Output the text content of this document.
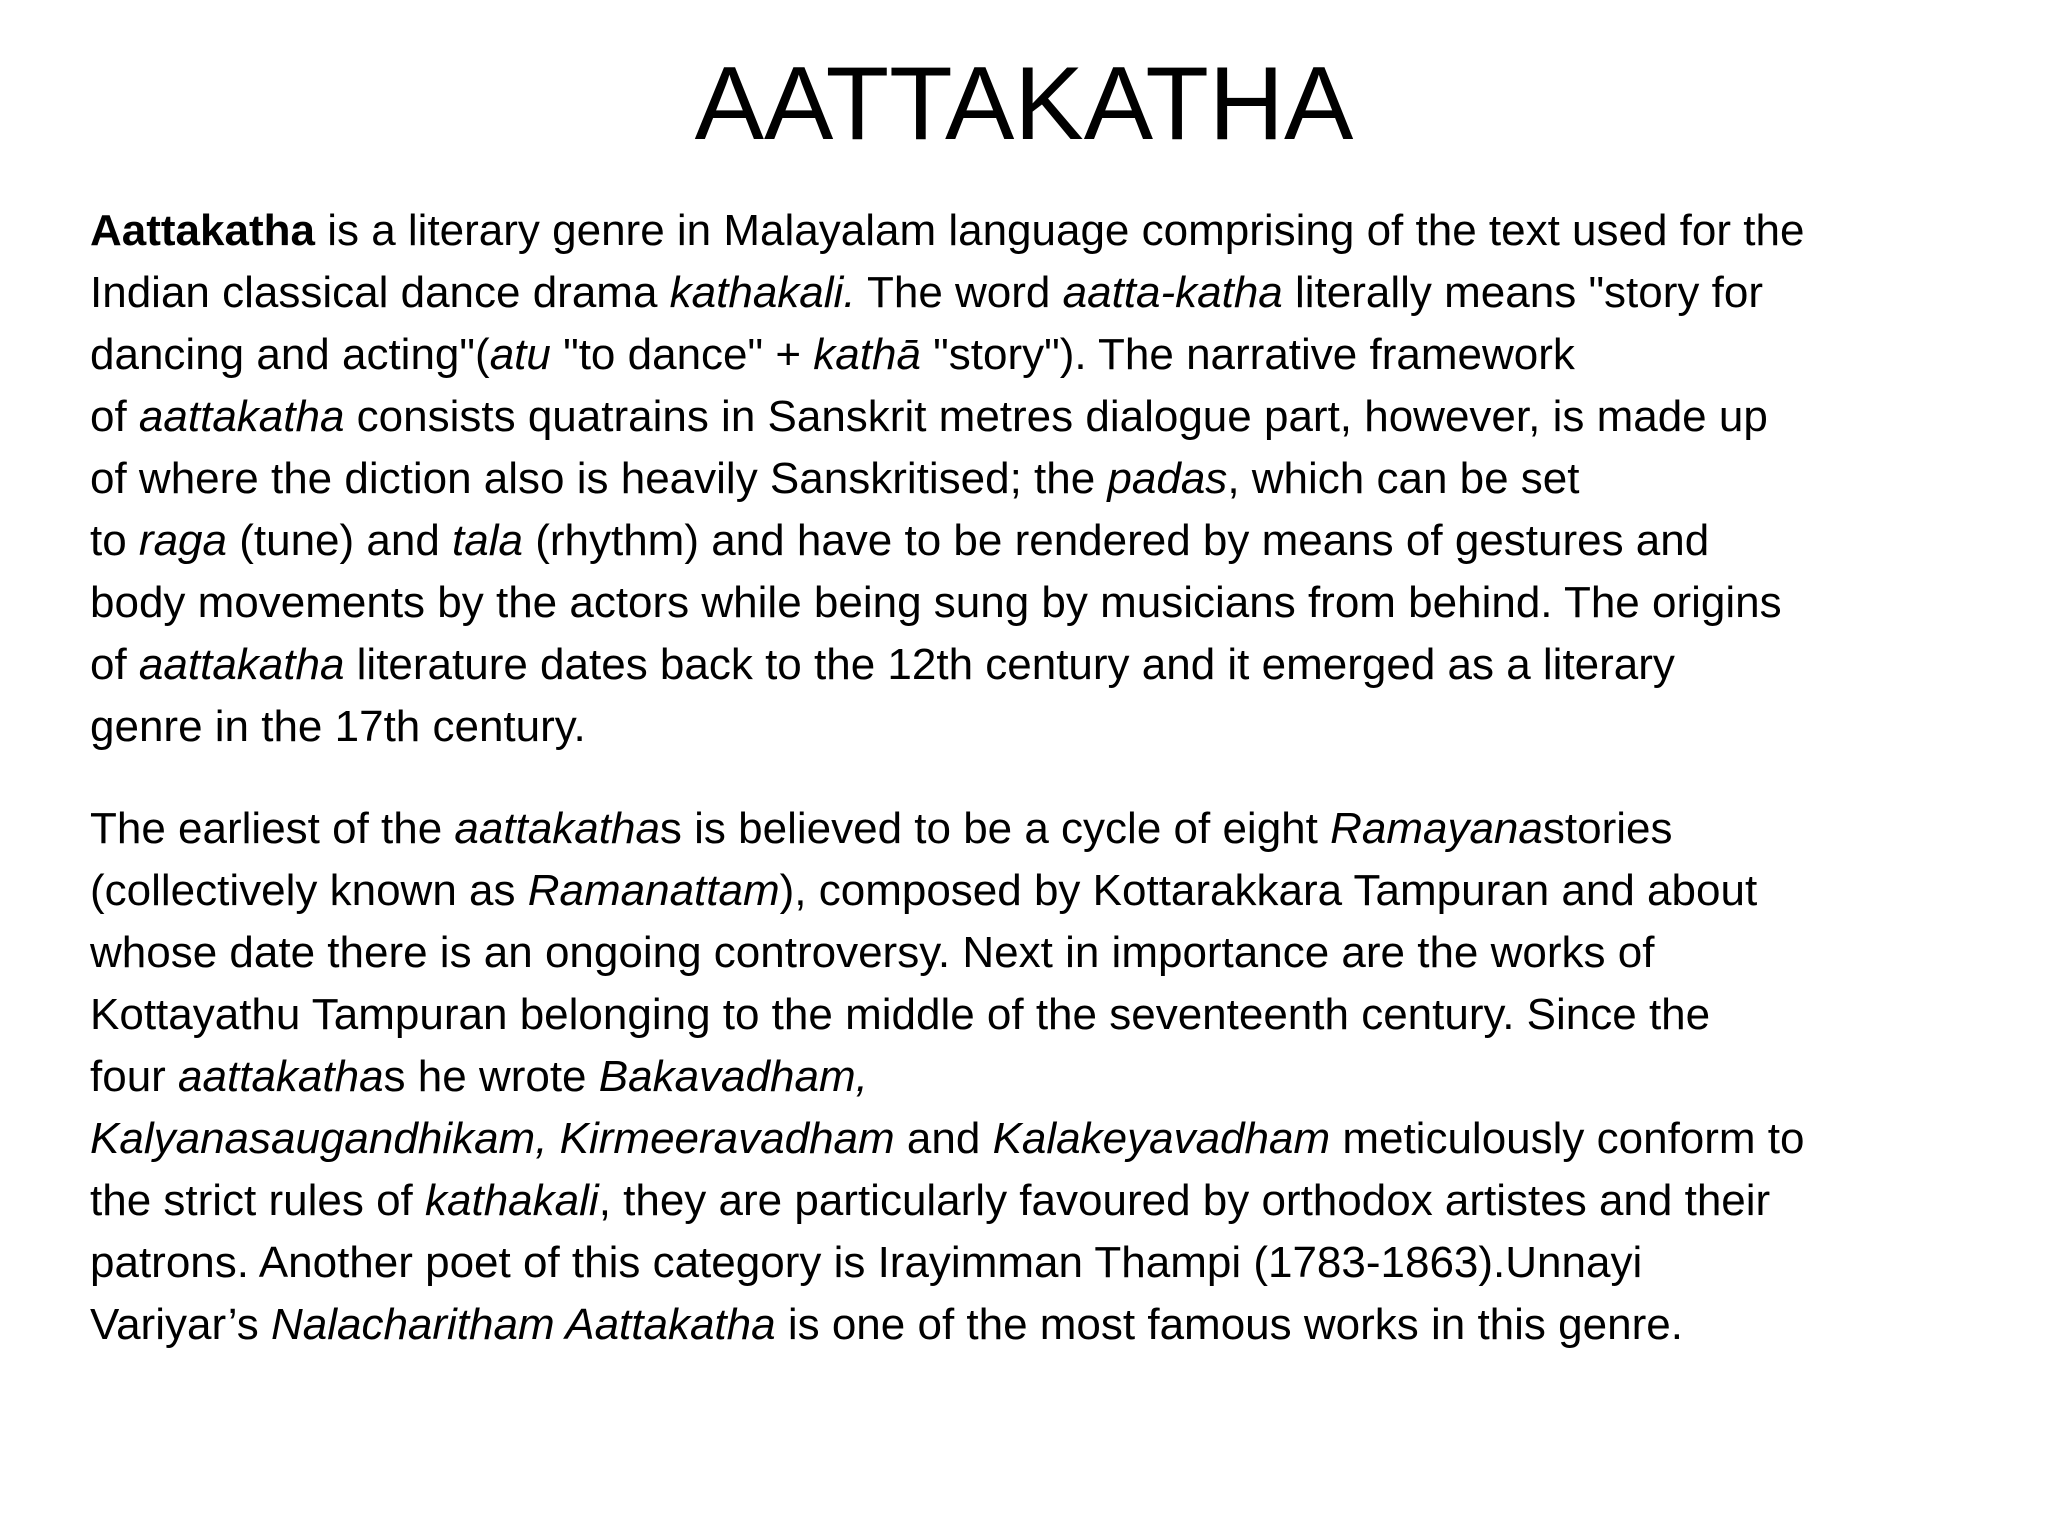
AATTAKATHA
Aattakatha is a literary genre in Malayalam language comprising of the text used for the
Indian classical dance drama kathakali. The word aatta-katha literally means "story for
dancing and acting"(atu "to dance" + kathā "story"). The narrative framework
of aattakatha consists quatrains in Sanskrit metres dialogue part, however, is made up
of where the diction also is heavily Sanskritised; the padas, which can be set
to raga (tune) and tala (rhythm) and have to be rendered by means of gestures and
body movements by the actors while being sung by musicians from behind. The origins
of aattakatha literature dates back to the 12th century and it emerged as a literary
genre in the 17th century.
The earliest of the aattakathas is believed to be a cycle of eight Ramayanastories
(collectively known as Ramanattam), composed by Kottarakkara Tampuran and about
whose date there is an ongoing controversy. Next in importance are the works of
Kottayathu Tampuran belonging to the middle of the seventeenth century. Since the
four aattakathas he wrote Bakavadham,
Kalyanasaugandhikam, Kirmeeravadham and Kalakeyavadham meticulously conform to
the strict rules of kathakali, they are particularly favoured by orthodox artistes and their
patrons. Another poet of this category is Irayimman Thampi (1783-1863).Unnayi
Variyar’s Nalacharitham Aattakatha is one of the most famous works in this genre.
